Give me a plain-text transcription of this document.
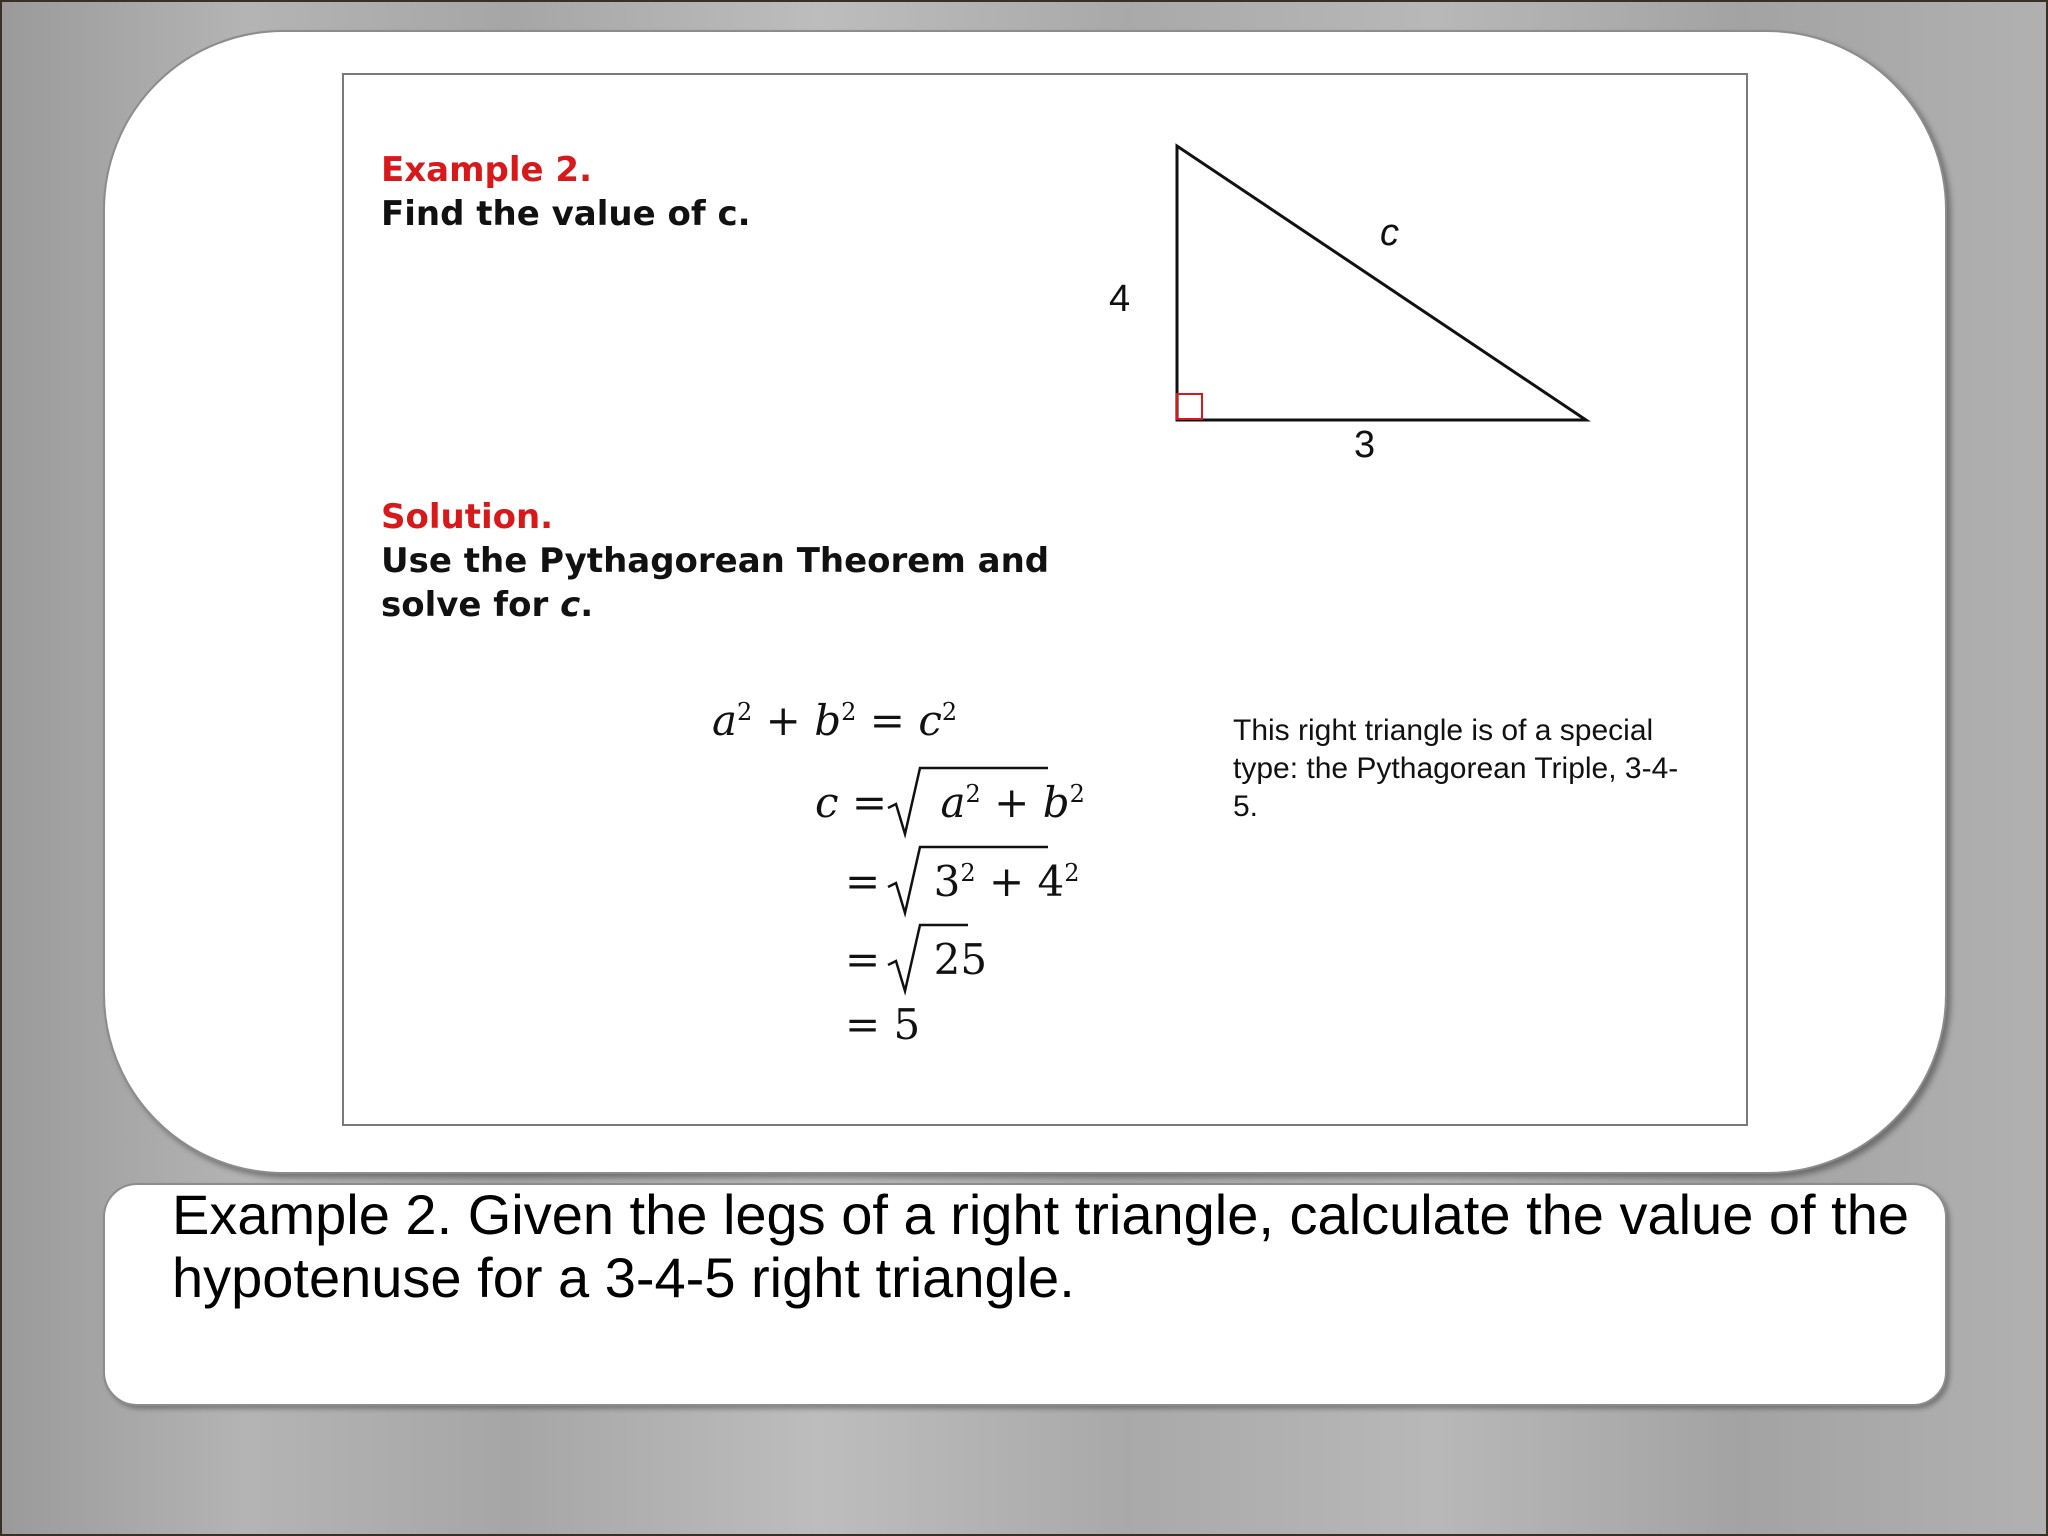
Example 2.
Find the value of c.
Solution.
Use the Pythagorean Theorem and
solve for c.
c
4
3
$a^2 + b^2 = c^2$
c =    $a^2 + b^2$
=    $3^2 + 4^2$
=    25
= 5
This right triangle is of a special type: the Pythagorean Triple, 3-4-5.
Example 2. Given the legs of a right triangle, calculate the value of the hypotenuse for a 3-4-5 right triangle.
